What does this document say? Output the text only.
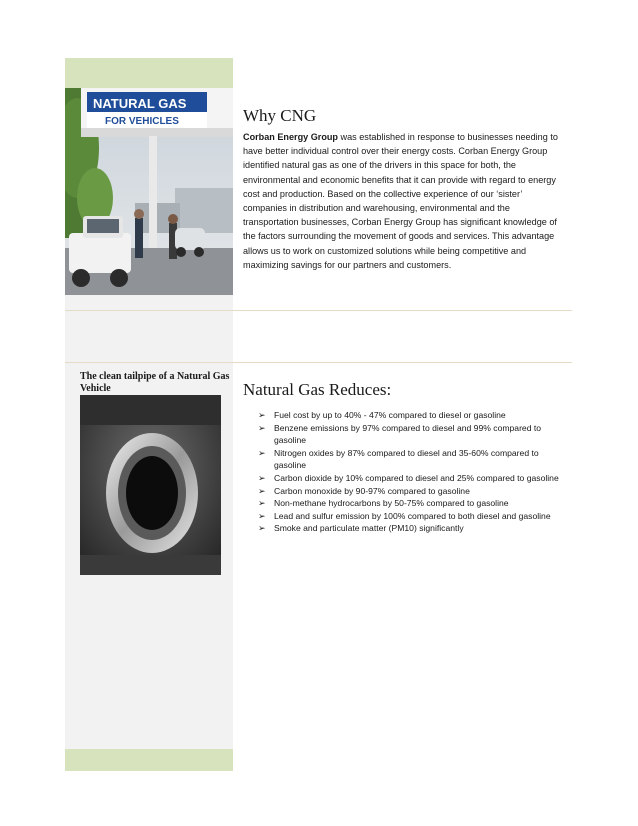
NATURAL GAS
FOR VEHICLES	Why CNG

Corban Energy Group was established in response to businesses needing to have better individual control over their energy costs. Corban Energy Group identified natural gas as one of the drivers in this space for both, the environmental and economic benefits that it can provide with regard to energy cost and production. Based on the collective experience of our ‘sister’ companies in distribution and warehousing, environmental and the transportation businesses, Corban Energy Group has significant knowledge of the factors surrounding the movement of goods and services. This advantage allows us to work on customized solutions while being competitive and maximizing savings for our partners and customers.

The clean tailpipe of a Natural Gas Vehicle	Natural Gas Reduces:
➢ Fuel cost by up to 40% - 47% compared to diesel or gasoline
➢ Benzene emissions by 97% compared to diesel and 99% compared to gasoline
➢ Nitrogen oxides by 87% compared to diesel and 35-60% compared to gasoline
➢ Carbon dioxide by 10% compared to diesel and 25% compared to gasoline
➢ Carbon monoxide by 90-97% compared to gasoline
➢ Non-methane hydrocarbons by 50-75% compared to gasoline
➢ Lead and sulfur emission by 100% compared to both diesel and gasoline
➢ Smoke and particulate matter (PM10) significantly
